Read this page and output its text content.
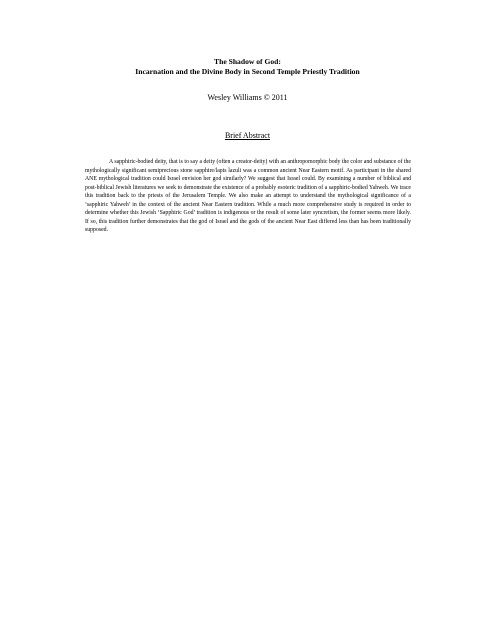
The Shadow of God:
Incarnation and the Divine Body in Second Temple Priestly Tradition
Wesley Williams © 2011
Brief Abstract

A sapphiric-bodied deity, that is to say a deity (often a creator-deity) with an anthropomorphic body the color and substance of the mythologically significant semiprecious stone sapphire/lapis lazuli was a common ancient Near Eastern motif. As participant in the shared ANE mythological tradition could Israel envision her god similarly? We suggest that Israel could. By examining a number of biblical and post-biblical Jewish literatures we seek to demonstrate the existence of a probably esoteric tradition of a sapphiric-bodied Yahweh. We trace this tradition back to the priests of the Jerusalem Temple. We also make an attempt to understand the mythological significance of a ‘sapphiric Yahweh’ in the context of the ancient Near Eastern tradition. While a much more comprehensive study is required in order to determine whether this Jewish ‘Sapphiric God’ tradition is indigenous or the result of some later syncretism, the former seems more likely. If so, this tradition further demonstrates that the god of Israel and the gods of the ancient Near East differed less than has been traditionally supposed.
